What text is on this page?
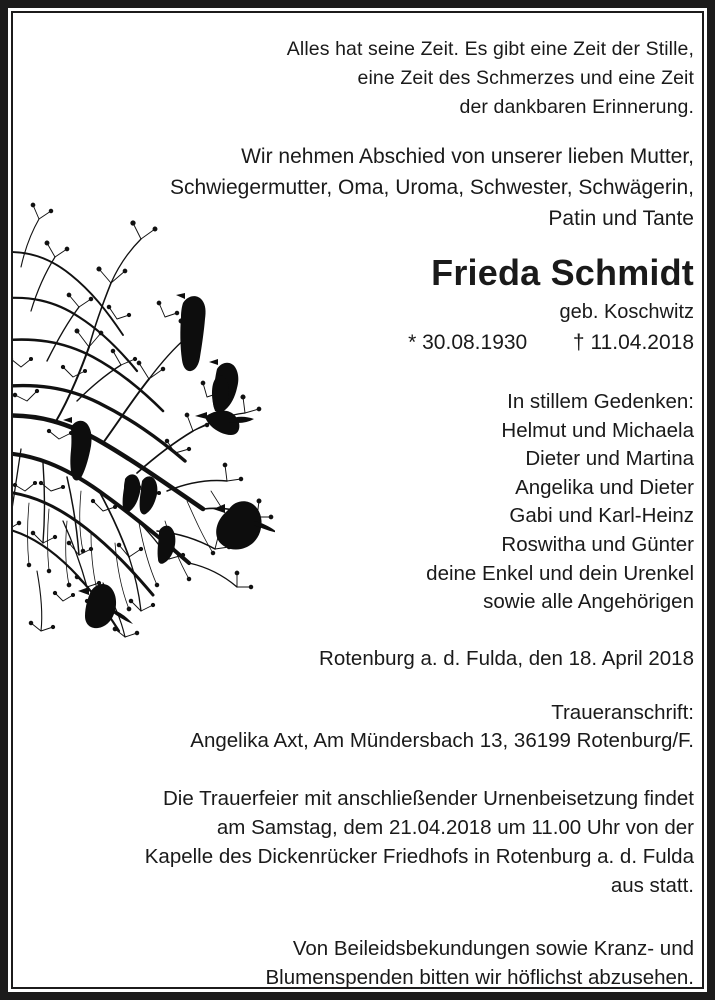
Alles hat seine Zeit. Es gibt eine Zeit der Stille,
eine Zeit des Schmerzes und eine Zeit
der dankbaren Erinnerung.
Wir nehmen Abschied von unserer lieben Mutter,
Schwiegermutter, Oma, Uroma, Schwester, Schwägerin,
Patin und Tante
Frieda Schmidt
geb. Koschwitz
* 30.08.1930 † 11.04.2018
In stillem Gedenken:
Helmut und Michaela
Dieter und Martina
Angelika und Dieter
Gabi und Karl-Heinz
Roswitha und Günter
deine Enkel und dein Urenkel
sowie alle Angehörigen
Rotenburg a. d. Fulda, den 18. April 2018
Traueranschrift:
Angelika Axt, Am Mündersbach 13, 36199 Rotenburg/F.
Die Trauerfeier mit anschließender Urnenbeisetzung findet
am Samstag, dem 21.04.2018 um 11.00 Uhr von der
Kapelle des Dickenrücker Friedhofs in Rotenburg a. d. Fulda
aus statt.
Von Beileidsbekundungen sowie Kranz- und
Blumenspenden bitten wir höflichst abzusehen.
